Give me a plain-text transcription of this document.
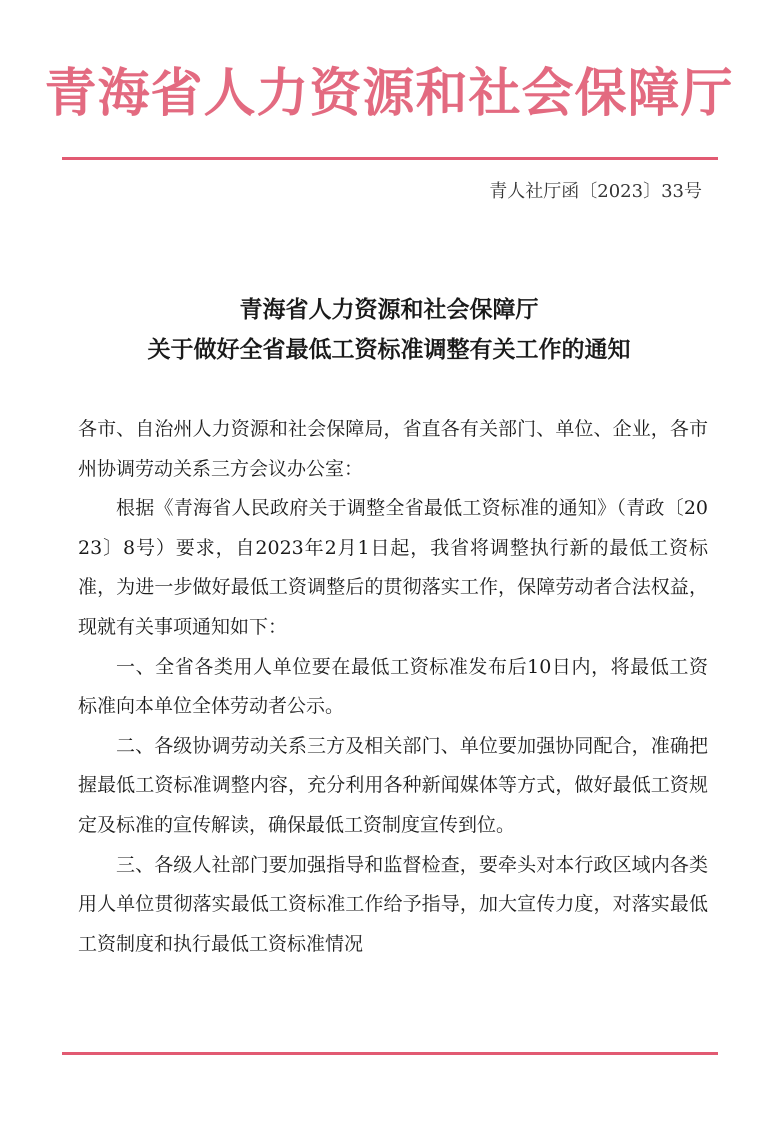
青海省人力资源和社会保障厅
青人社厅函〔2023〕33号
青海省人力资源和社会保障厅
关于做好全省最低工资标准调整有关工作的通知

各市、自治州人力资源和社会保障局，省直各有关部门、单位、企业，各市州协调劳动关系三方会议办公室：

根据《青海省人民政府关于调整全省最低工资标准的通知》（青政〔2023〕8号）要求，自2023年2月1日起，我省将调整执行新的最低工资标准，为进一步做好最低工资调整后的贯彻落实工作，保障劳动者合法权益，现就有关事项通知如下：

一、全省各类用人单位要在最低工资标准发布后10日内，将最低工资标准向本单位全体劳动者公示。

二、各级协调劳动关系三方及相关部门、单位要加强协同配合，准确把握最低工资标准调整内容，充分利用各种新闻媒体等方式，做好最低工资规定及标准的宣传解读，确保最低工资制度宣传到位。

三、各级人社部门要加强指导和监督检查，要牵头对本行政区域内各类用人单位贯彻落实最低工资标准工作给予指导，加大宣传力度，对落实最低工资制度和执行最低工资标准情况
